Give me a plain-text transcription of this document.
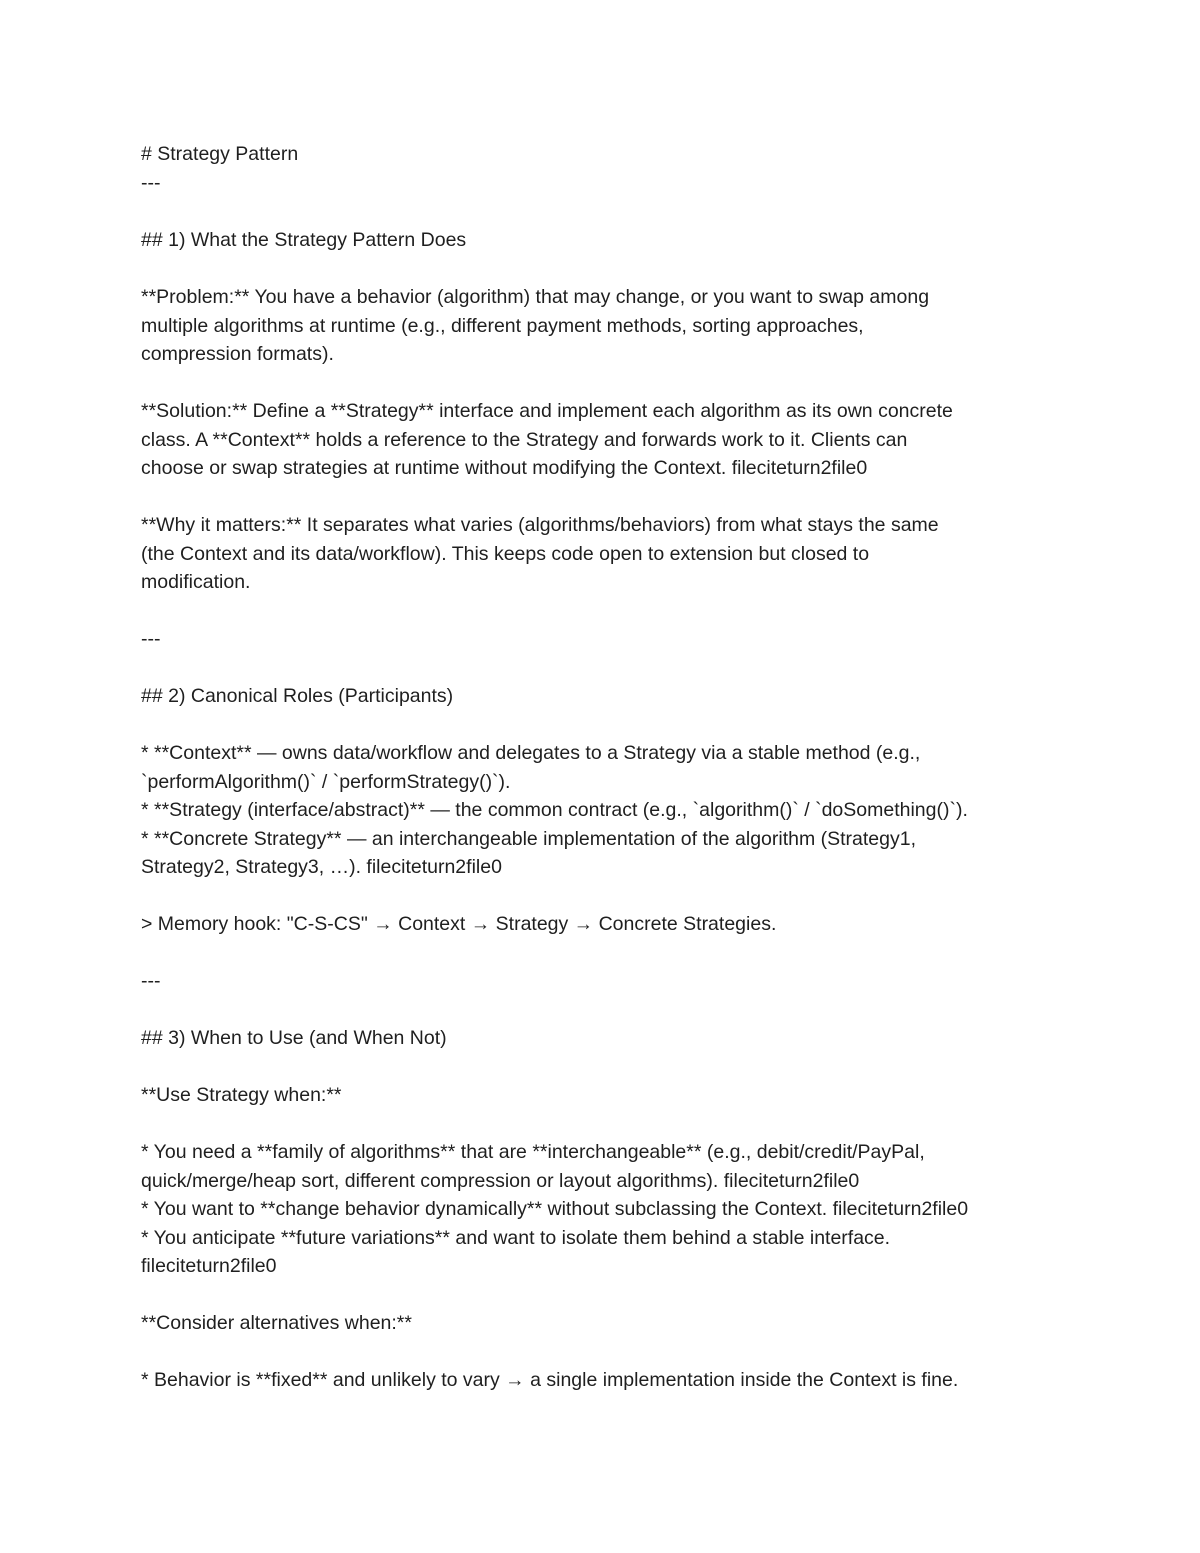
# Strategy Pattern
---
## 1) What the Strategy Pattern Does
**Problem:** You have a behavior (algorithm) that may change, or you want to swap among
multiple algorithms at runtime (e.g., different payment methods, sorting approaches,
compression formats).
**Solution:** Define a **Strategy** interface and implement each algorithm as its own concrete
class. A **Context** holds a reference to the Strategy and forwards work to it. Clients can
choose or swap strategies at runtime without modifying the Context. filecite​turn2file0
**Why it matters:** It separates what varies (algorithms/behaviors) from what stays the same
(the Context and its data/workflow). This keeps code open to extension but closed to
modification.
---
## 2) Canonical Roles (Participants)
* **Context** — owns data/workflow and delegates to a Strategy via a stable method (e.g.,
`performAlgorithm()` / `performStrategy()`).
* **Strategy (interface/abstract)** — the common contract (e.g., `algorithm()` / `doSomething()`).
* **Concrete Strategy** — an interchangeable implementation of the algorithm (Strategy1,
Strategy2, Strategy3, …). filecite​turn2file0
> Memory hook: "C-S-CS" → Context → Strategy → Concrete Strategies.
---
## 3) When to Use (and When Not)
**Use Strategy when:**
* You need a **family of algorithms** that are **interchangeable** (e.g., debit/credit/PayPal,
quick/merge/heap sort, different compression or layout algorithms). filecite​turn2file0
* You want to **change behavior dynamically** without subclassing the Context. filecite​turn2file0
* You anticipate **future variations** and want to isolate them behind a stable interface.
filecite​turn2file0
**Consider alternatives when:**
* Behavior is **fixed** and unlikely to vary → a single implementation inside the Context is fine.
